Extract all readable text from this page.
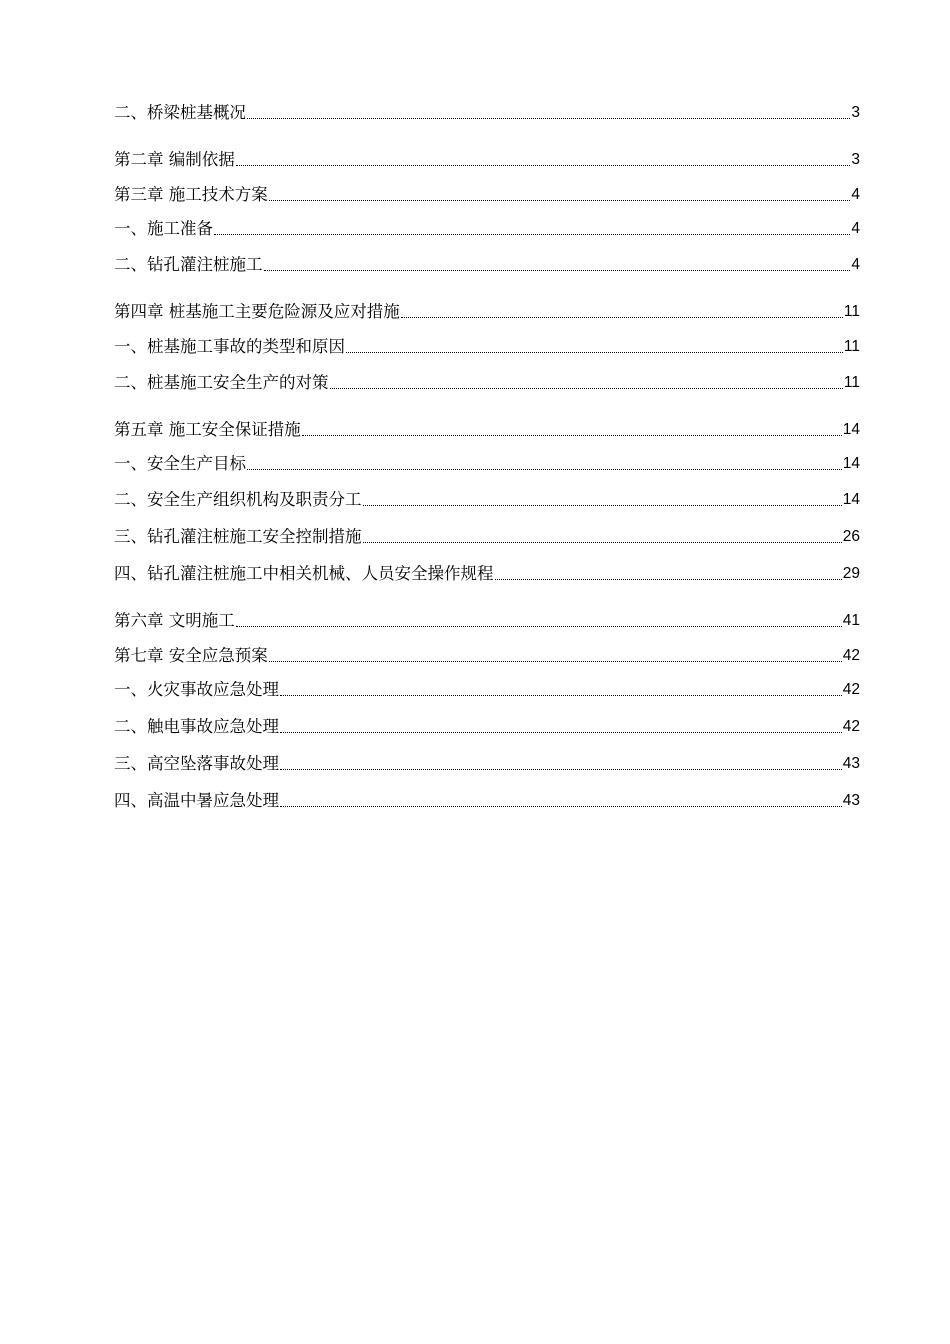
二、桥梁桩基概况	3
第二章 编制依据	3
第三章 施工技术方案	4
一、施工准备	4
二、钻孔灌注桩施工	4
第四章 桩基施工主要危险源及应对措施	11
一、桩基施工事故的类型和原因	11
二、桩基施工安全生产的对策	11
第五章 施工安全保证措施	14
一、安全生产目标	14
二、安全生产组织机构及职责分工	14
三、钻孔灌注桩施工安全控制措施	26
四、钻孔灌注桩施工中相关机械、人员安全操作规程	29
第六章 文明施工	41
第七章 安全应急预案	42
一、火灾事故应急处理	42
二、触电事故应急处理	42
三、高空坠落事故处理	43
四、高温中暑应急处理	43
